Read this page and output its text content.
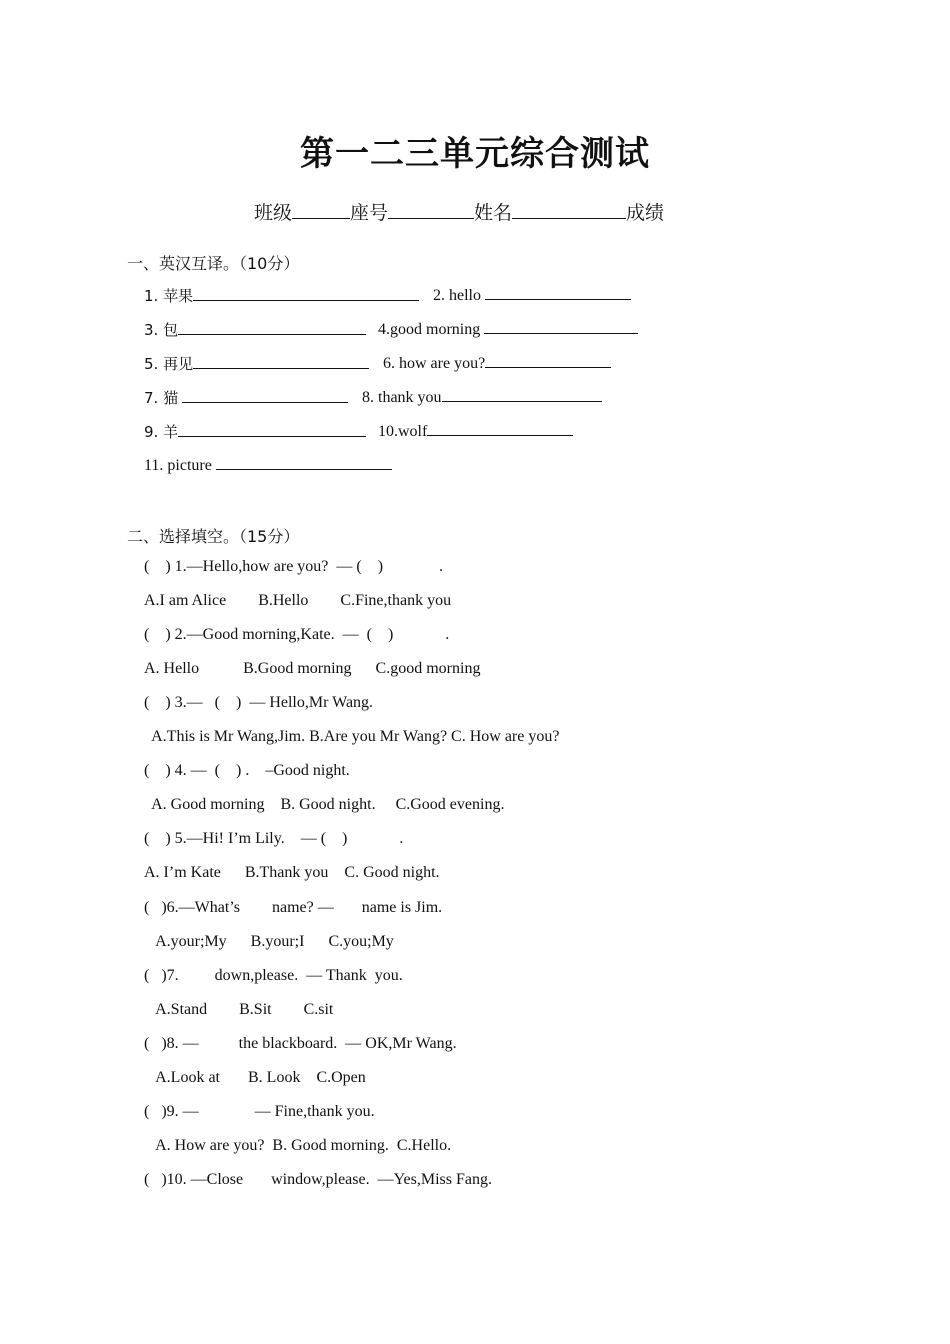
第一二三单元综合测试
班级	座号	姓名	成绩
一、英汉互译。（10分）
1. 苹果	2. hello
3. 包	4.good morning
5. 再见	6. how are you?
7. 猫	8. thank you
9. 羊	10.wolf
11. picture
二、选择填空。（15分）
(    ) 1.—Hello,how are you?  — (    )              .
A.I am Alice        B.Hello        C.Fine,thank you
(    ) 2.—Good morning,Kate.  —  (    )             .
A. Hello           B.Good morning      C.good morning
(    ) 3.—   (    )  — Hello,Mr Wang.
A.This is Mr Wang,Jim. B.Are you Mr Wang? C. How are you?
(    ) 4. —  (    ) .    –Good night.
A. Good morning    B. Good night.     C.Good evening.
(    ) 5.—Hi! I’m Lily.    — (    )             .
A. I’m Kate      B.Thank you    C. Good night.
(   )6.—What’s        name? —       name is Jim.
A.your;My      B.your;I      C.you;My
(   )7.         down,please.  — Thank  you.
A.Stand        B.Sit        C.sit
(   )8. —          the blackboard.  — OK,Mr Wang.
A.Look at       B. Look    C.Open
(   )9. —              — Fine,thank you.
A. How are you?  B. Good morning.  C.Hello.
(   )10. —Close       window,please.  —Yes,Miss Fang.
